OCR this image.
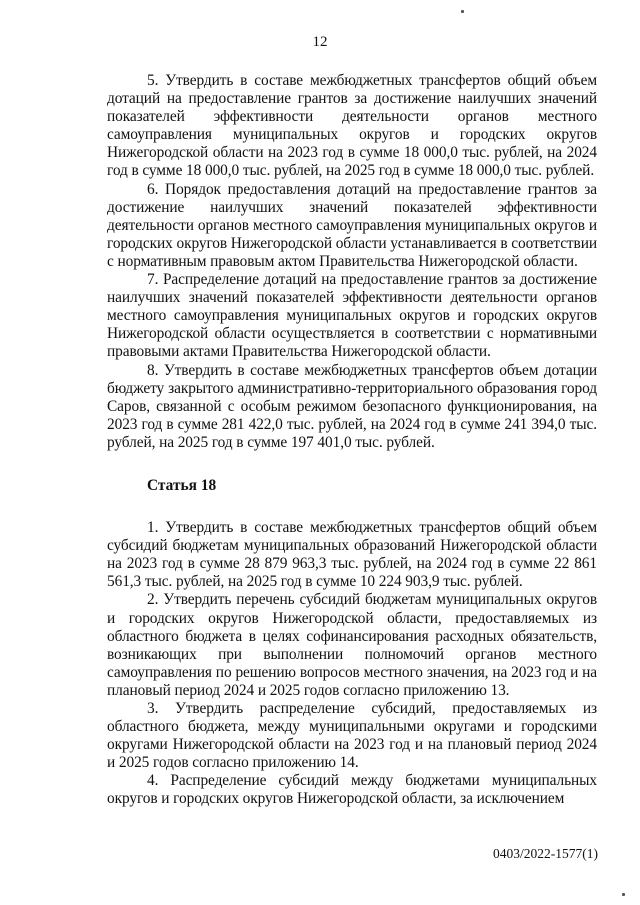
12

5. Утвердить в составе межбюджетных трансфертов общий объем дотаций на предоставление грантов за достижение наилучших значений показателей эффективности деятельности органов местного самоуправления муниципальных округов и городских округов Нижегородской области на 2023 год в сумме 18 000,0 тыс. рублей, на 2024 год в сумме 18 000,0 тыс. рублей, на 2025 год в сумме 18 000,0 тыс. рублей.

6. Порядок предоставления дотаций на предоставление грантов за достижение наилучших значений показателей эффективности деятельности органов местного самоуправления муниципальных округов и городских округов Нижегородской области устанавливается в соответствии с нормативным правовым актом Правительства Нижегородской области.

7. Распределение дотаций на предоставление грантов за достижение наилучших значений показателей эффективности деятельности органов местного самоуправления муниципальных округов и городских округов Нижегородской области осуществляется в соответствии с нормативными правовыми актами Правительства Нижегородской области.

8. Утвердить в составе межбюджетных трансфертов объем дотации бюджету закрытого административно-территориального образования город Саров, связанной с особым режимом безопасного функционирования, на 2023 год в сумме 281 422,0 тыс. рублей, на 2024 год в сумме 241 394,0 тыс. рублей, на 2025 год в сумме 197 401,0 тыс. рублей.

Статья 18

1. Утвердить в составе межбюджетных трансфертов общий объем субсидий бюджетам муниципальных образований Нижегородской области на 2023 год в сумме 28 879 963,3 тыс. рублей, на 2024 год в сумме 22 861 561,3 тыс. рублей, на 2025 год в сумме 10 224 903,9 тыс. рублей.

2. Утвердить перечень субсидий бюджетам муниципальных округов и городских округов Нижегородской области, предоставляемых из областного бюджета в целях софинансирования расходных обязательств, возникающих при выполнении полномочий органов местного самоуправления по решению вопросов местного значения, на 2023 год и на плановый период 2024 и 2025 годов согласно приложению 13.

3. Утвердить распределение субсидий, предоставляемых из областного бюджета, между муниципальными округами и городскими округами Нижегородской области на 2023 год и на плановый период 2024 и 2025 годов согласно приложению 14.

4. Распределение субсидий между бюджетами муниципальных округов и городских округов Нижегородской области, за исключением

0403/2022-1577(1)
